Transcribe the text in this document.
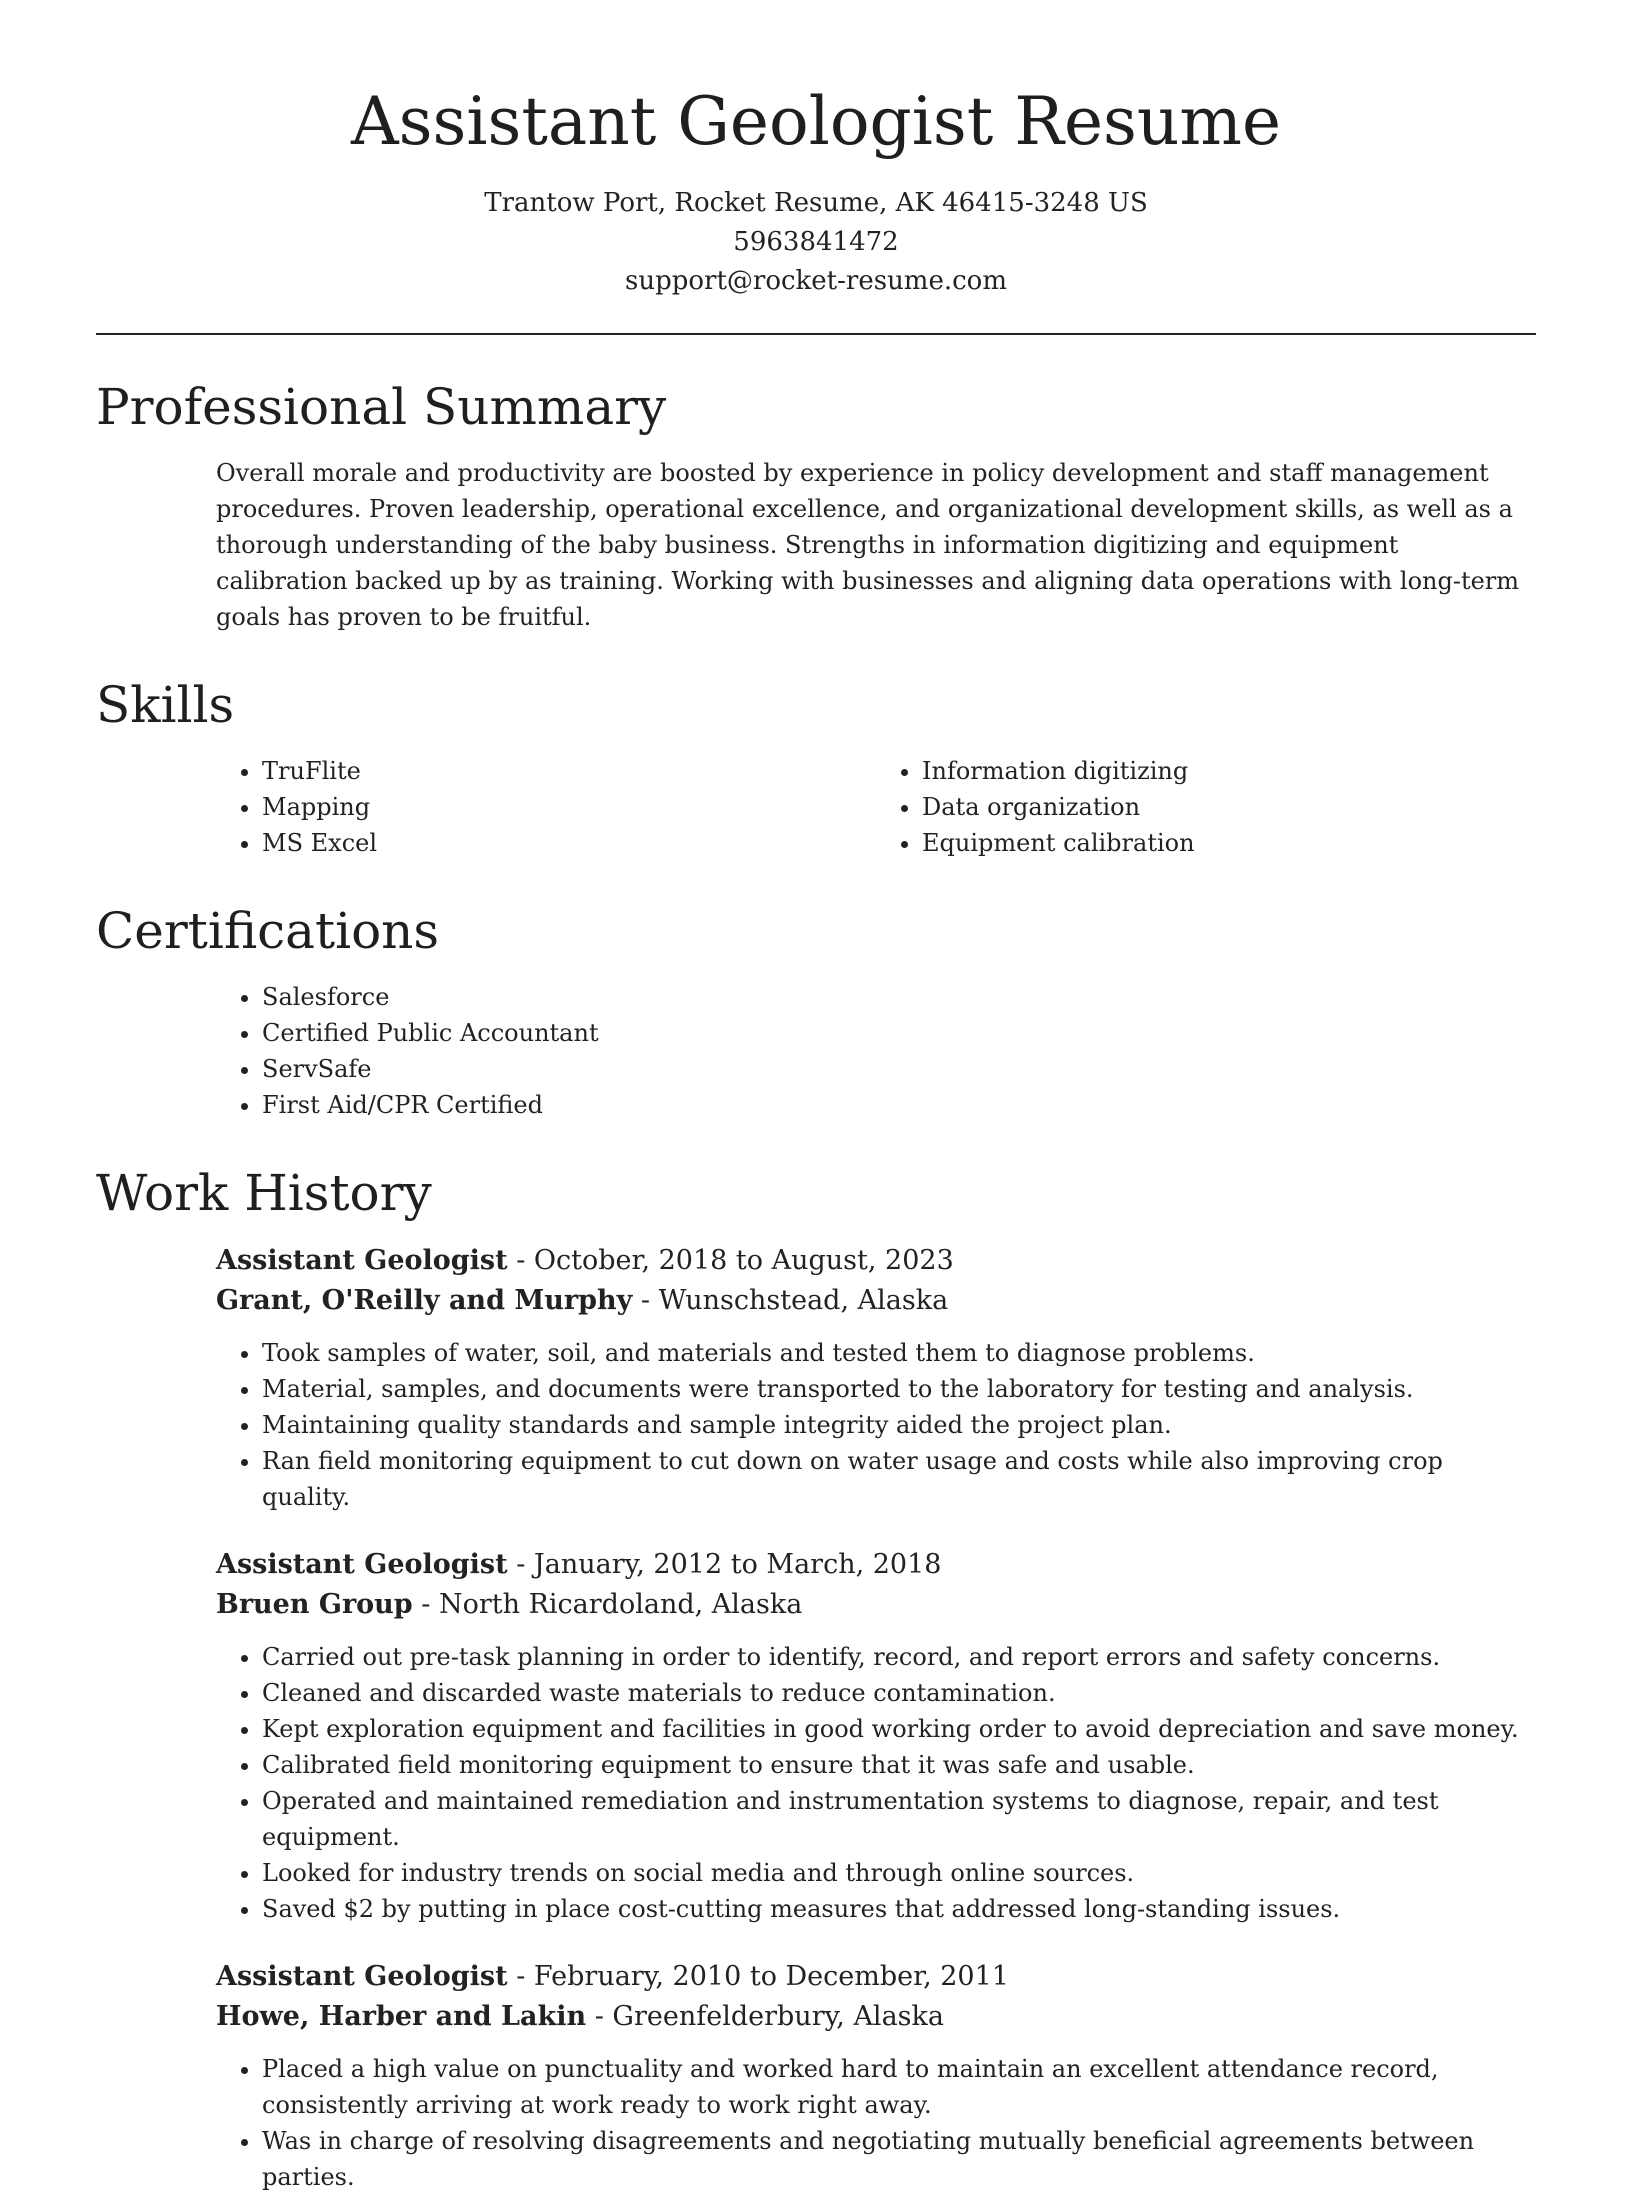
Assistant Geologist Resume
Trantow Port, Rocket Resume, AK 46415-3248 US
5963841472
support@rocket-resume.com
Professional Summary
Overall morale and productivity are boosted by experience in policy development and staff management procedures. Proven leadership, operational excellence, and organizational development skills, as well as a thorough understanding of the baby business. Strengths in information digitizing and equipment calibration backed up by as training. Working with businesses and aligning data operations with long-term goals has proven to be fruitful.
Skills
• TruFlite
• Mapping
• MS Excel
• Information digitizing
• Data organization
• Equipment calibration
Certifications
• Salesforce
• Certified Public Accountant
• ServSafe
• First Aid/CPR Certified
Work History
Assistant Geologist - October, 2018 to August, 2023
Grant, O'Reilly and Murphy - Wunschstead, Alaska
• Took samples of water, soil, and materials and tested them to diagnose problems.
• Material, samples, and documents were transported to the laboratory for testing and analysis.
• Maintaining quality standards and sample integrity aided the project plan.
• Ran field monitoring equipment to cut down on water usage and costs while also improving crop quality.
Assistant Geologist - January, 2012 to March, 2018
Bruen Group - North Ricardoland, Alaska
• Carried out pre-task planning in order to identify, record, and report errors and safety concerns.
• Cleaned and discarded waste materials to reduce contamination.
• Kept exploration equipment and facilities in good working order to avoid depreciation and save money.
• Calibrated field monitoring equipment to ensure that it was safe and usable.
• Operated and maintained remediation and instrumentation systems to diagnose, repair, and test equipment.
• Looked for industry trends on social media and through online sources.
• Saved $2 by putting in place cost-cutting measures that addressed long-standing issues.
Assistant Geologist - February, 2010 to December, 2011
Howe, Harber and Lakin - Greenfelderbury, Alaska
• Placed a high value on punctuality and worked hard to maintain an excellent attendance record, consistently arriving at work ready to work right away.
• Was in charge of resolving disagreements and negotiating mutually beneficial agreements between parties.
